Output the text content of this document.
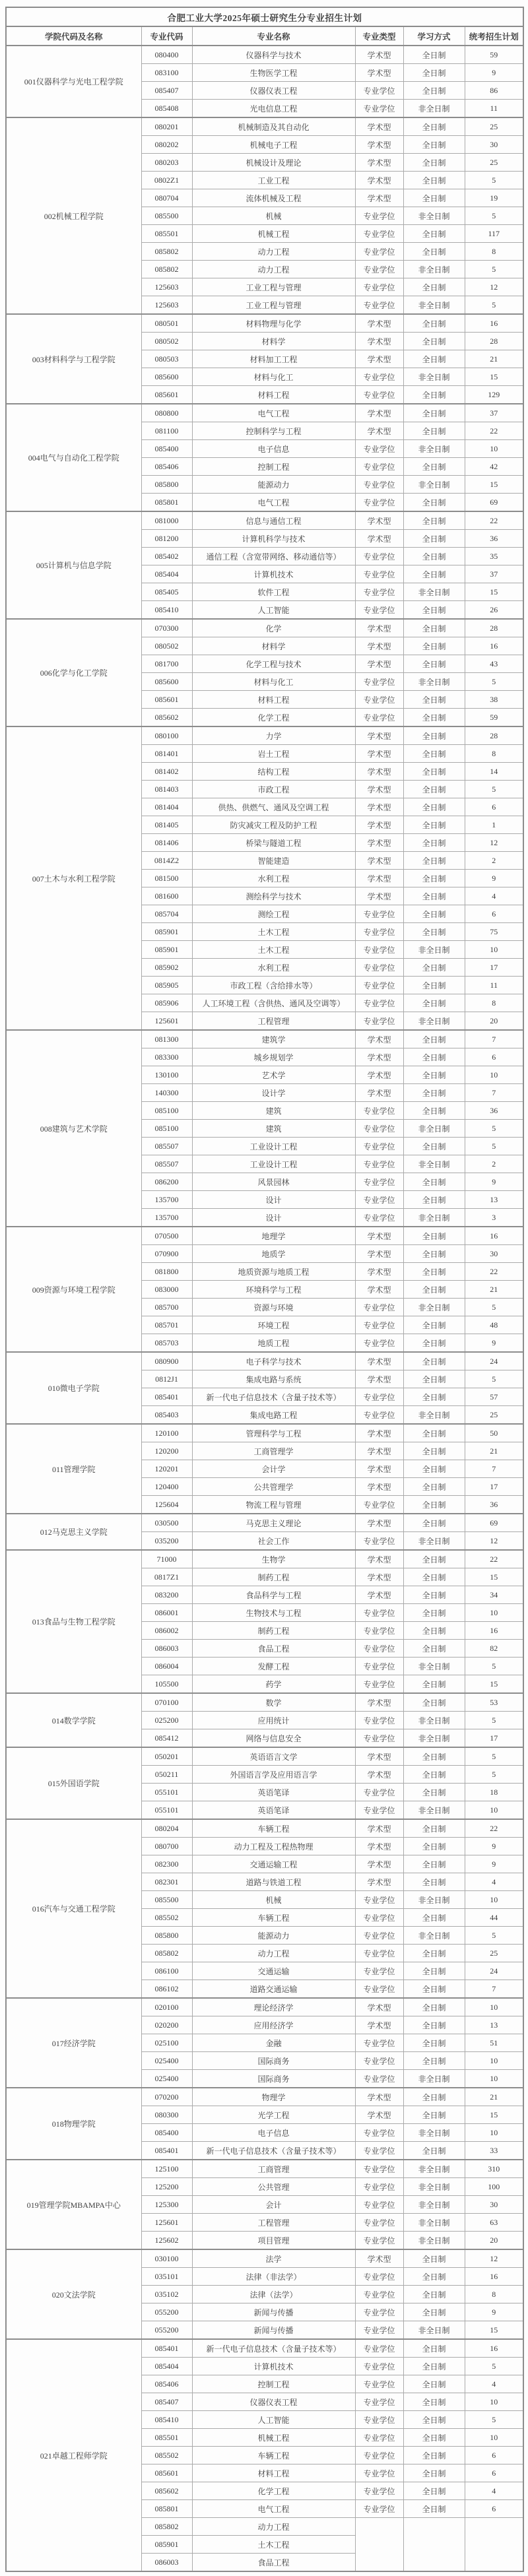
合肥工业大学2025年硕士研究生分专业招生计划					
学院代码及名称	专业代码	专业名称	专业类型	学习方式	统考招生计划
001仪器科学与光电工程学院	080400	仪器科学与技术	学术型	全日制	59
	083100	生物医学工程	学术型	全日制	9
	085407	仪器仪表工程	专业学位	全日制	86
	085408	光电信息工程	专业学位	非全日制	11
002机械工程学院	080201	机械制造及其自动化	学术型	全日制	25
	080202	机械电子工程	学术型	全日制	30
	080203	机械设计及理论	学术型	全日制	25
	0802Z1	工业工程	学术型	全日制	5
	080704	流体机械及工程	学术型	全日制	19
	085500	机械	专业学位	非全日制	5
	085501	机械工程	专业学位	全日制	117
	085802	动力工程	专业学位	全日制	8
	085802	动力工程	专业学位	非全日制	5
	125603	工业工程与管理	专业学位	全日制	12
	125603	工业工程与管理	专业学位	非全日制	5
003材料科学与工程学院	080501	材料物理与化学	学术型	全日制	16
	080502	材料学	学术型	全日制	28
	080503	材料加工工程	学术型	全日制	21
	085600	材料与化工	专业学位	非全日制	15
	085601	材料工程	专业学位	全日制	129
004电气与自动化工程学院	080800	电气工程	学术型	全日制	37
	081100	控制科学与工程	学术型	全日制	22
	085400	电子信息	专业学位	非全日制	10
	085406	控制工程	专业学位	全日制	42
	085800	能源动力	专业学位	非全日制	15
	085801	电气工程	专业学位	全日制	69
005计算机与信息学院	081000	信息与通信工程	学术型	全日制	22
	081200	计算机科学与技术	学术型	全日制	36
	085402	通信工程（含宽带网络、移动通信等）	专业学位	全日制	35
	085404	计算机技术	专业学位	全日制	37
	085405	软件工程	专业学位	非全日制	15
	085410	人工智能	专业学位	全日制	26
006化学与化工学院	070300	化学	学术型	全日制	28
	080502	材料学	学术型	全日制	16
	081700	化学工程与技术	学术型	全日制	43
	085600	材料与化工	专业学位	非全日制	5
	085601	材料工程	专业学位	全日制	38
	085602	化学工程	专业学位	全日制	59
007土木与水利工程学院	080100	力学	学术型	全日制	28
	081401	岩土工程	学术型	全日制	8
	081402	结构工程	学术型	全日制	14
	081403	市政工程	学术型	全日制	5
	081404	供热、供燃气、通风及空调工程	学术型	全日制	6
	081405	防灾减灾工程及防护工程	学术型	全日制	1
	081406	桥梁与隧道工程	学术型	全日制	12
	0814Z2	智能建造	学术型	全日制	2
	081500	水利工程	学术型	全日制	9
	081600	测绘科学与技术	学术型	全日制	4
	085704	测绘工程	专业学位	全日制	6
	085901	土木工程	专业学位	全日制	75
	085901	土木工程	专业学位	非全日制	10
	085902	水利工程	专业学位	全日制	17
	085905	市政工程（含给排水等）	专业学位	全日制	11
	085906	人工环境工程（含供热、通风及空调等）	专业学位	全日制	8
	125601	工程管理	专业学位	非全日制	20
008建筑与艺术学院	081300	建筑学	学术型	全日制	7
	083300	城乡规划学	学术型	全日制	6
	130100	艺术学	学术型	全日制	10
	140300	设计学	学术型	全日制	7
	085100	建筑	专业学位	全日制	36
	085100	建筑	专业学位	非全日制	5
	085507	工业设计工程	专业学位	全日制	5
	085507	工业设计工程	专业学位	非全日制	2
	086200	风景园林	专业学位	全日制	9
	135700	设计	专业学位	全日制	13
	135700	设计	专业学位	非全日制	3
009资源与环境工程学院	070500	地理学	学术型	全日制	16
	070900	地质学	学术型	全日制	30
	081800	地质资源与地质工程	学术型	全日制	22
	083000	环境科学与工程	学术型	全日制	21
	085700	资源与环境	专业学位	非全日制	5
	085701	环境工程	专业学位	全日制	48
	085703	地质工程	专业学位	全日制	9
010微电子学院	080900	电子科学与技术	学术型	全日制	24
	0812J1	集成电路与系统	学术型	全日制	5
	085401	新一代电子信息技术（含量子技术等）	专业学位	全日制	57
	085403	集成电路工程	专业学位	非全日制	25
011管理学院	120100	管理科学与工程	学术型	全日制	50
	120200	工商管理学	学术型	全日制	21
	120201	会计学	学术型	全日制	7
	120400	公共管理学	学术型	全日制	17
	125604	物流工程与管理	专业学位	全日制	36
012马克思主义学院	030500	马克思主义理论	学术型	全日制	69
	035200	社会工作	专业学位	非全日制	12
013食品与生物工程学院	71000	生物学	学术型	全日制	22
	0817Z1	制药工程	学术型	全日制	15
	083200	食品科学与工程	学术型	全日制	34
	086001	生物技术与工程	专业学位	全日制	10
	086002	制药工程	专业学位	全日制	16
	086003	食品工程	专业学位	全日制	82
	086004	发酵工程	专业学位	非全日制	5
	105500	药学	专业学位	全日制	15
014数学学院	070100	数学	学术型	全日制	53
	025200	应用统计	专业学位	非全日制	5
	085412	网络与信息安全	专业学位	非全日制	17
015外国语学院	050201	英语语言文学	学术型	全日制	5
	050211	外国语言学及应用语言学	学术型	全日制	5
	055101	英语笔译	专业学位	全日制	18
	055101	英语笔译	专业学位	非全日制	10
016汽车与交通工程学院	080204	车辆工程	学术型	全日制	22
	080700	动力工程及工程热物理	学术型	全日制	9
	082300	交通运输工程	学术型	全日制	9
	082301	道路与铁道工程	学术型	全日制	4
	085500	机械	专业学位	非全日制	10
	085502	车辆工程	专业学位	全日制	44
	085800	能源动力	专业学位	非全日制	5
	085802	动力工程	专业学位	全日制	25
	086100	交通运输	专业学位	全日制	24
	086102	道路交通运输	专业学位	全日制	7
017经济学院	020100	理论经济学	学术型	全日制	10
	020200	应用经济学	学术型	全日制	13
	025100	金融	专业学位	全日制	51
	025400	国际商务	专业学位	全日制	10
	025400	国际商务	专业学位	非全日制	10
018物理学院	070200	物理学	学术型	全日制	21
	080300	光学工程	学术型	全日制	15
	085400	电子信息	专业学位	非全日制	10
	085401	新一代电子信息技术（含量子技术等）	专业学位	全日制	33
019管理学院MBAMPA中心	125100	工商管理	专业学位	非全日制	310
	125200	公共管理	专业学位	非全日制	100
	125300	会计	专业学位	非全日制	30
	125601	工程管理	专业学位	非全日制	63
	125602	项目管理	专业学位	非全日制	20
020文法学院	030100	法学	学术型	全日制	12
	035101	法律（非法学）	专业学位	全日制	16
	035102	法律（法学）	专业学位	全日制	8
	055200	新闻与传播	专业学位	全日制	9
	055200	新闻与传播	专业学位	非全日制	15
021卓越工程师学院	085401	新一代电子信息技术（含量子技术等）	专业学位	全日制	16
	085404	计算机技术	专业学位	全日制	5
	085406	控制工程	专业学位	全日制	4
	085407	仪器仪表工程	专业学位	全日制	10
	085410	人工智能	专业学位	全日制	5
	085501	机械工程	专业学位	全日制	10
	085502	车辆工程	专业学位	全日制	6
	085601	材料工程	专业学位	全日制	6
	085602	化学工程	专业学位	全日制	4
	085801	电气工程	专业学位	全日制	6
	085802	动力工程			
	085901	土木工程			
	086003	食品工程			
